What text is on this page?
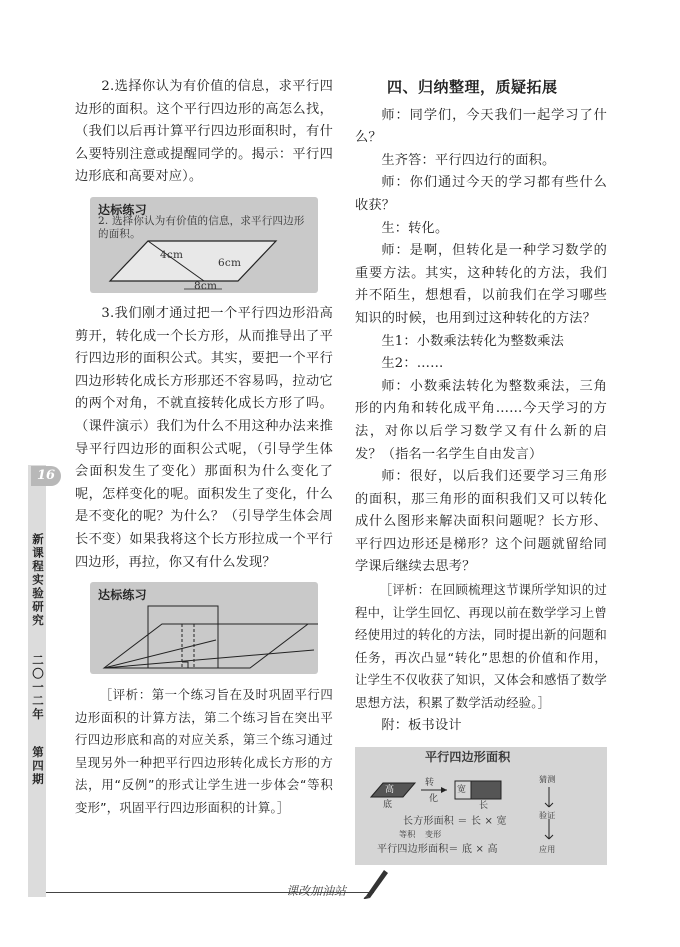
2.选择你认为有价值的信息，求平行四边形的面积。这个平行四边形的高怎么找，（我们以后再计算平行四边形面积时，有什么要特别注意或提醒同学的。揭示：平行四边形底和高要对应）。

达标练习
2. 选择你认为有价值的信息，求平行四边形的面积。
4cm
6cm
8cm

3.我们刚才通过把一个平行四边形沿高剪开，转化成一个长方形，从而推导出了平行四边形的面积公式。其实，要把一个平行四边形转化成长方形那还不容易吗，拉动它的两个对角，不就直接转化成长方形了吗。（课件演示）我们为什么不用这种办法来推导平行四边形的面积公式呢，（引导学生体会面积发生了变化）那面积为什么变化了呢，怎样变化的呢。面积发生了变化，什么是不变化的呢？为什么？（引导学生体会周长不变）如果我将这个长方形拉成一个平行四边形，再拉，你又有什么发现？

达标练习

［评析：第一个练习旨在及时巩固平行四边形面积的计算方法，第二个练习旨在突出平行四边形底和高的对应关系，第三个练习通过呈现另外一种把平行四边形转化成长方形的方法，用“反例”的形式让学生进一步体会“等积变形”，巩固平行四边形面积的计算。］

四、归纳整理，质疑拓展

师：同学们，今天我们一起学习了什么？

生齐答：平行四边行的面积。

师：你们通过今天的学习都有些什么收获？

生：转化。

师：是啊，但转化是一种学习数学的重要方法。其实，这种转化的方法，我们并不陌生，想想看，以前我们在学习哪些知识的时候，也用到过这种转化的方法？

生1：小数乘法转化为整数乘法

生2：……

师：小数乘法转化为整数乘法，三角形的内角和转化成平角……今天学习的方法，对你以后学习数学又有什么新的启发？（指名一名学生自由发言）

师：很好，以后我们还要学习三角形的面积，那三角形的面积我们又可以转化成什么图形来解决面积问题呢？长方形、平行四边形还是梯形？这个问题就留给同学课后继续去思考？

［评析：在回顾梳理这节课所学知识的过程中，让学生回忆、再现以前在数学学习上曾经使用过的转化的方法，同时提出新的问题和任务，再次凸显“转化”思想的价值和作用，让学生不仅收获了知识，又体会和感悟了数学思想方法，积累了数学活动经验。］

附：板书设计

平行四边形面积
高
底
转
化
宽
长
长方形面积 ＝ 长 × 宽
等积 变形
平行四边形面积＝ 底 × 高
猜测
验证
应用
16
新课程实验研究
二〇一二年
第四期
课改加油站
